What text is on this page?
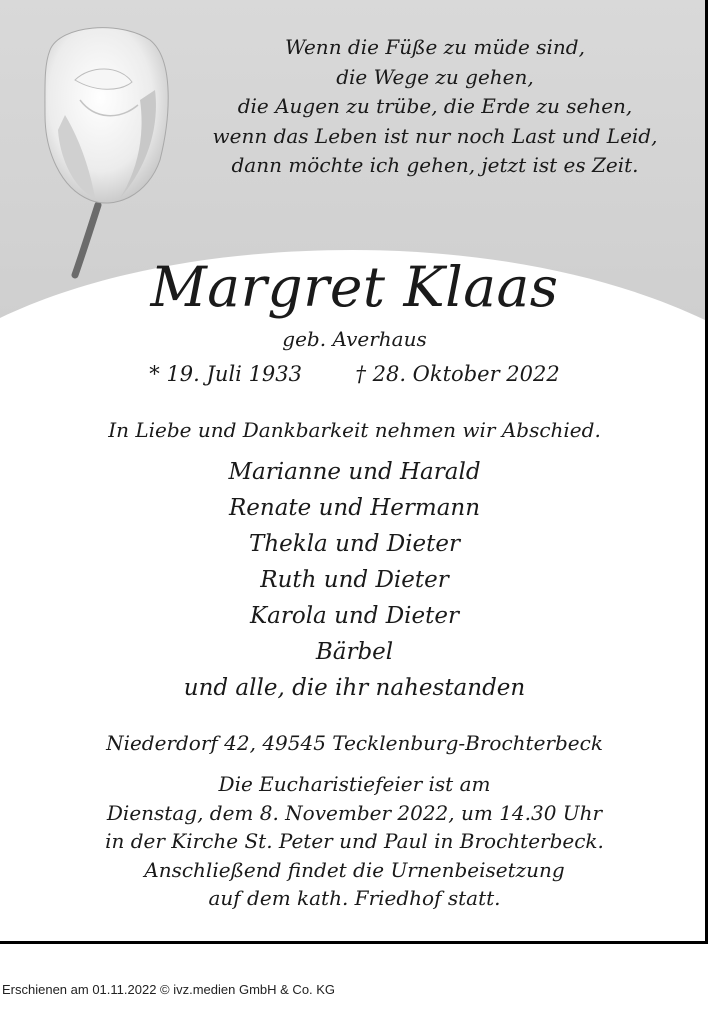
Wenn die Füße zu müde sind,
die Wege zu gehen,
die Augen zu trübe, die Erde zu sehen,
wenn das Leben ist nur noch Last und Leid,
dann möchte ich gehen, jetzt ist es Zeit.
Margret Klaas
geb. Averhaus
* 19. Juli 1933	† 28. Oktober 2022
In Liebe und Dankbarkeit nehmen wir Abschied.
Marianne und Harald
Renate und Hermann
Thekla und Dieter
Ruth und Dieter
Karola und Dieter
Bärbel
und alle, die ihr nahestanden
Niederdorf 42, 49545 Tecklenburg-Brochterbeck
Die Eucharistiefeier ist am
Dienstag, dem 8. November 2022, um 14.30 Uhr
in der Kirche St. Peter und Paul in Brochterbeck.
Anschließend findet die Urnenbeisetzung
auf dem kath. Friedhof statt.
Erschienen am 01.11.2022 © ivz.medien GmbH & Co. KG
